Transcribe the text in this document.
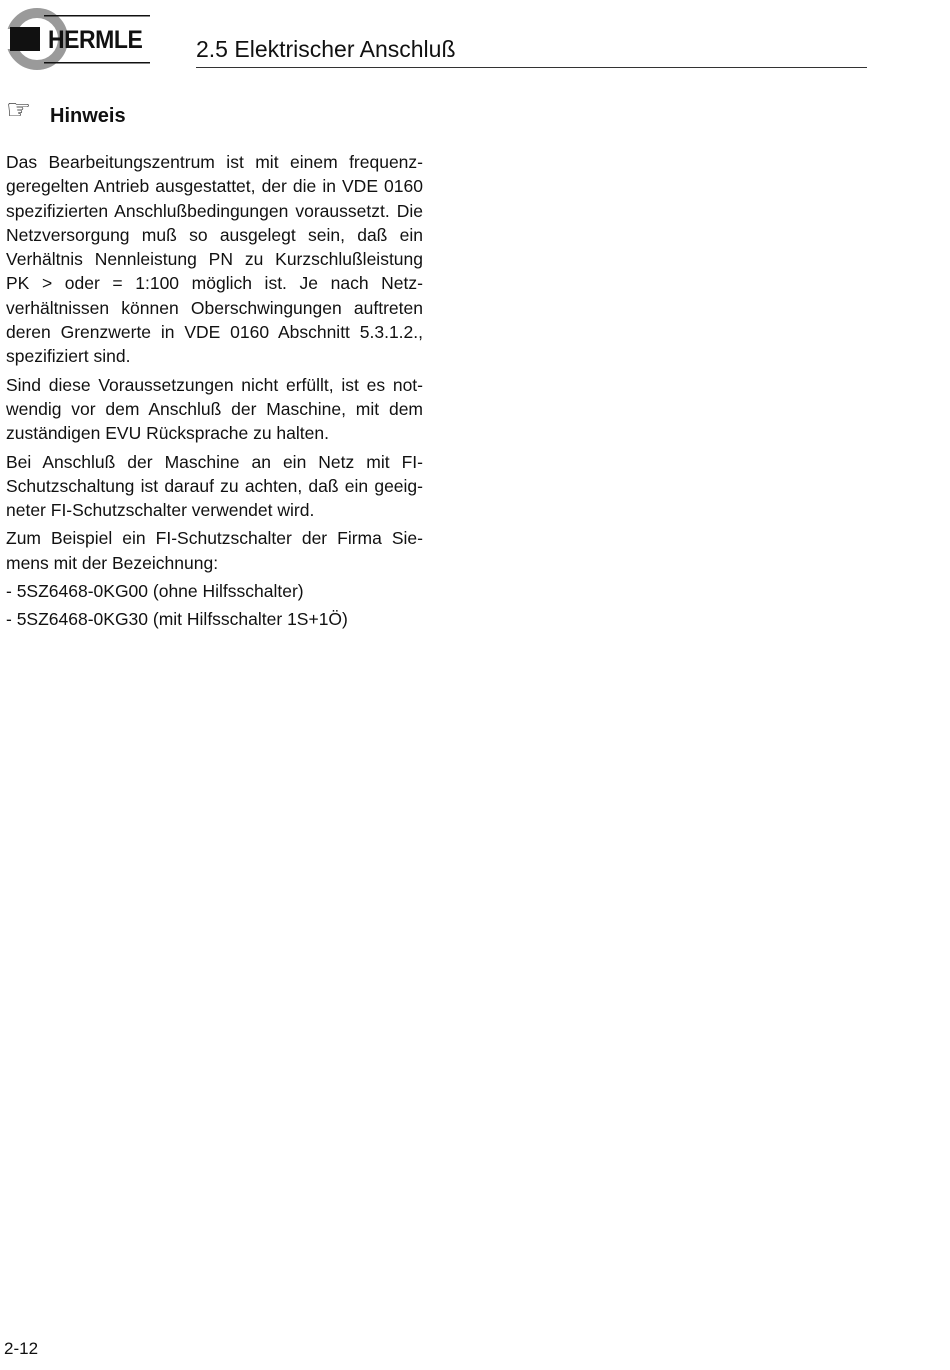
HERMLE 2.5 Elektrischer Anschluß
☞ Hinweis

Das Bearbeitungszentrum ist mit einem frequenzgeregelten Antrieb ausgestattet, der die in VDE 0160 spezifizierten Anschlußbedingungen voraussetzt. Die Netzversorgung muß so ausgelegt sein, daß ein Verhältnis Nennleistung PN zu Kurzschlußleistung PK > oder = 1:100 möglich ist. Je nach Netzverhältnissen können Oberschwingungen auftreten deren Grenzwerte in VDE 0160 Abschnitt 5.3.1.2., spezifiziert sind.

Sind diese Voraussetzungen nicht erfüllt, ist es notwendig vor dem Anschluß der Maschine, mit dem zuständigen EVU Rücksprache zu halten.

Bei Anschluß der Maschine an ein Netz mit FI-Schutzschaltung ist darauf zu achten, daß ein geeigneter FI-Schutzschalter verwendet wird.

Zum Beispiel ein FI-Schutzschalter der Firma Siemens mit der Bezeichnung:

- 5SZ6468-0KG00 (ohne Hilfsschalter)

- 5SZ6468-0KG30 (mit Hilfsschalter 1S+1Ö)

2-12
